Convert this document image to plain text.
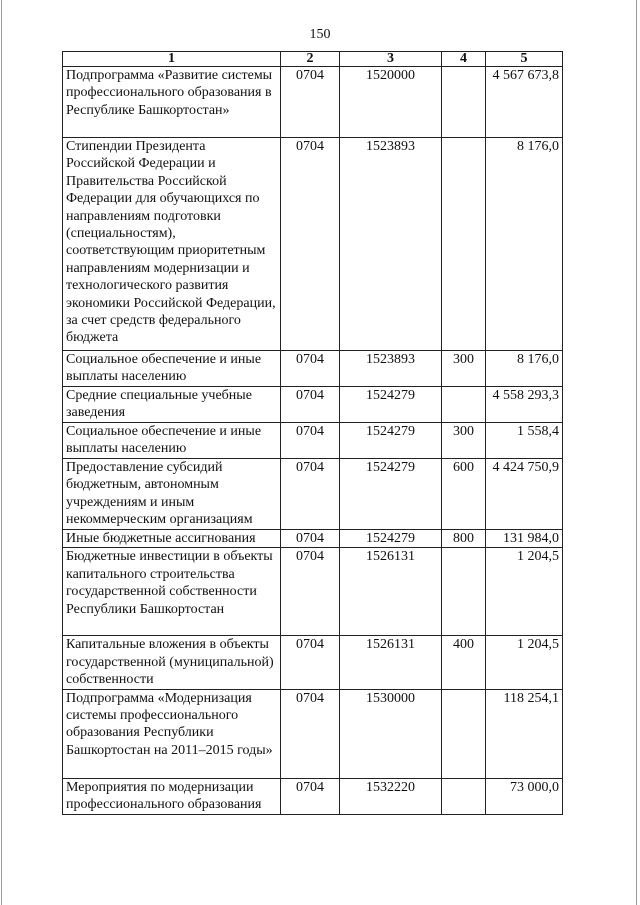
150
1	2	3	4	5
Подпрограмма «Развитие системы профессионального образования в Республике Башкортостан»	0704	1520000		4 567 673,8
Стипендии Президента Российской Федерации и Правительства Российской Федерации для обучающихся по направлениям подготовки (специальностям), соответствующим приоритетным направлениям модернизации и технологического развития экономики Российской Федерации, за счет средств федерального бюджета	0704	1523893		8 176,0
Социальное обеспечение и иные выплаты населению	0704	1523893	300	8 176,0
Средние специальные учебные заведения	0704	1524279		4 558 293,3
Социальное обеспечение и иные выплаты населению	0704	1524279	300	1 558,4
Предоставление субсидий бюджетным, автономным учреждениям и иным некоммерческим организациям	0704	1524279	600	4 424 750,9
Иные бюджетные ассигнования	0704	1524279	800	131 984,0
Бюджетные инвестиции в объекты капитального строительства государственной собственности Республики Башкортостан	0704	1526131		1 204,5
Капитальные вложения в объекты государственной (муниципальной) собственности	0704	1526131	400	1 204,5
Подпрограмма «Модернизация системы профессионального образования Республики Башкортостан на 2011–2015 годы»	0704	1530000		118 254,1
Мероприятия по модернизации профессионального образования	0704	1532220		73 000,0
